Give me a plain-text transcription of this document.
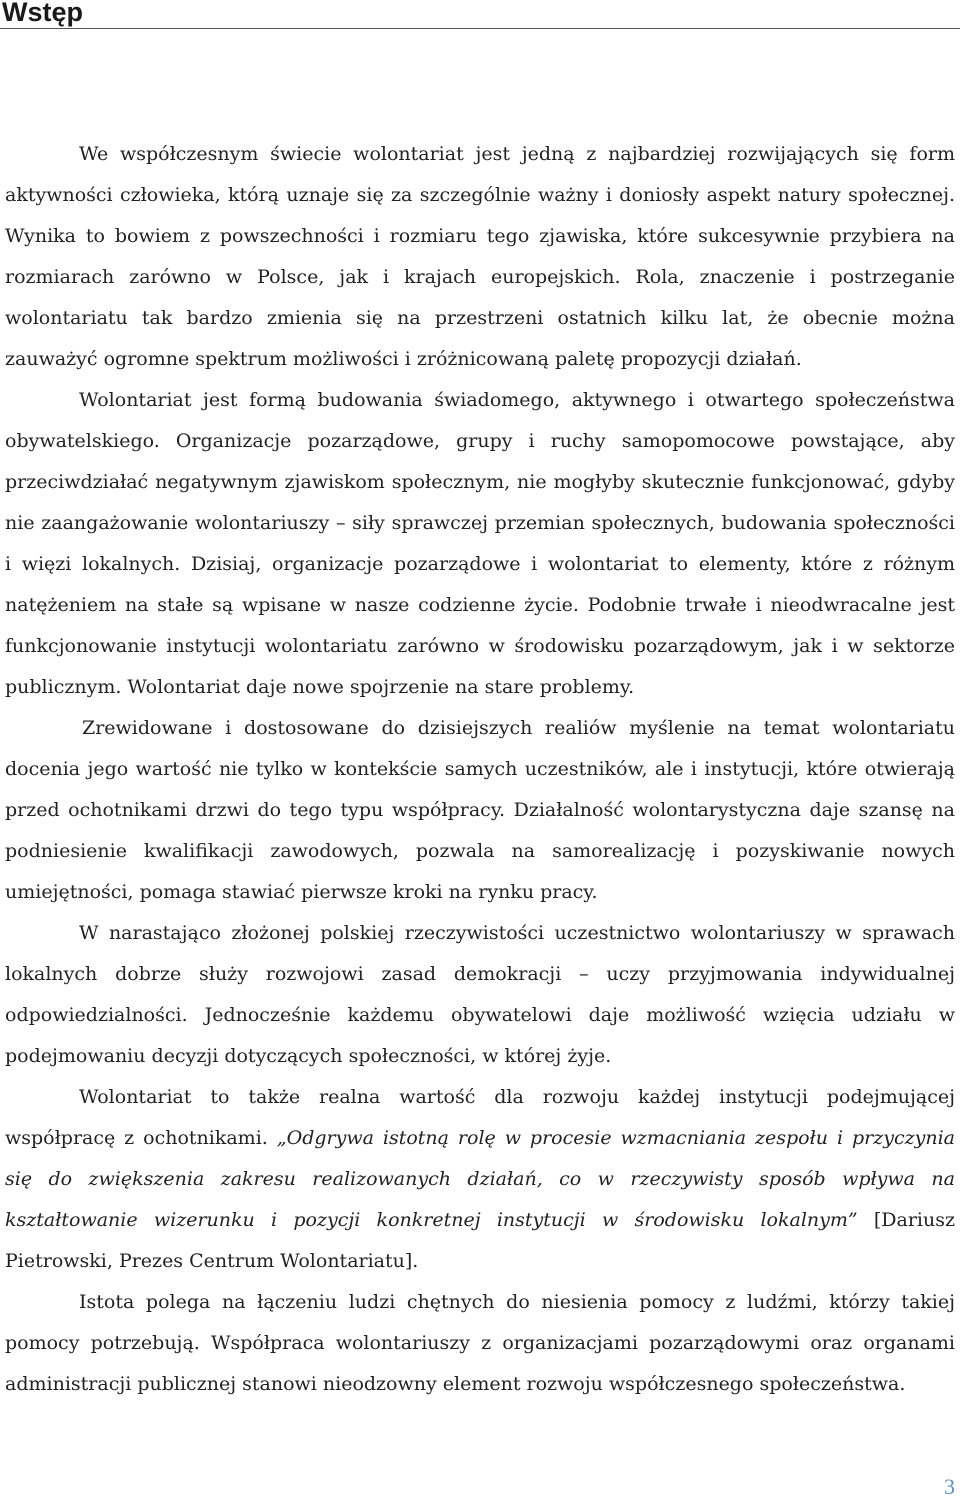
Wstęp

We współczesnym świecie wolontariat jest jedną z najbardziej rozwijających się form aktywności człowieka, którą uznaje się za szczególnie ważny i doniosły aspekt natury społecznej. Wynika to bowiem z powszechności i rozmiaru tego zjawiska, które sukcesywnie przybiera na rozmiarach zarówno w Polsce, jak i krajach europejskich. Rola, znaczenie i postrzeganie wolontariatu tak bardzo zmienia się na przestrzeni ostatnich kilku lat, że obecnie można zauważyć ogromne spektrum możliwości i zróżnicowaną paletę propozycji działań.

Wolontariat jest formą budowania świadomego, aktywnego i otwartego społeczeństwa obywatelskiego. Organizacje pozarządowe, grupy i ruchy samopomocowe powstające, aby przeciwdziałać negatywnym zjawiskom społecznym, nie mogłyby skutecznie funkcjonować, gdyby nie zaangażowanie wolontariuszy – siły sprawczej przemian społecznych, budowania społeczności i więzi lokalnych. Dzisiaj, organizacje pozarządowe i wolontariat to elementy, które z różnym natężeniem na stałe są wpisane w nasze codzienne życie. Podobnie trwałe i nieodwracalne jest funkcjonowanie instytucji wolontariatu zarówno w środowisku pozarządowym, jak i w sektorze publicznym. Wolontariat daje nowe spojrzenie na stare problemy.

Zrewidowane i dostosowane do dzisiejszych realiów myślenie na temat wolontariatu docenia jego wartość nie tylko w kontekście samych uczestników, ale i instytucji, które otwierają przed ochotnikami drzwi do tego typu współpracy. Działalność wolontarystyczna daje szansę na podniesienie kwalifikacji zawodowych, pozwala na samorealizację i pozyskiwanie nowych umiejętności, pomaga stawiać pierwsze kroki na rynku pracy.

W narastająco złożonej polskiej rzeczywistości uczestnictwo wolontariuszy w sprawach lokalnych dobrze służy rozwojowi zasad demokracji – uczy przyjmowania indywidualnej odpowiedzialności. Jednocześnie każdemu obywatelowi daje możliwość wzięcia udziału w podejmowaniu decyzji dotyczących społeczności, w której żyje.

Wolontariat to także realna wartość dla rozwoju każdej instytucji podejmującej współpracę z ochotnikami. „Odgrywa istotną rolę w procesie wzmacniania zespołu i przyczynia się do zwiększenia zakresu realizowanych działań, co w rzeczywisty sposób wpływa na kształtowanie wizerunku i pozycji konkretnej instytucji w środowisku lokalnym” [Dariusz Pietrowski, Prezes Centrum Wolontariatu].

Istota polega na łączeniu ludzi chętnych do niesienia pomocy z ludźmi, którzy takiej pomocy potrzebują. Współpraca wolontariuszy z organizacjami pozarządowymi oraz organami administracji publicznej stanowi nieodzowny element rozwoju współczesnego społeczeństwa.

3
